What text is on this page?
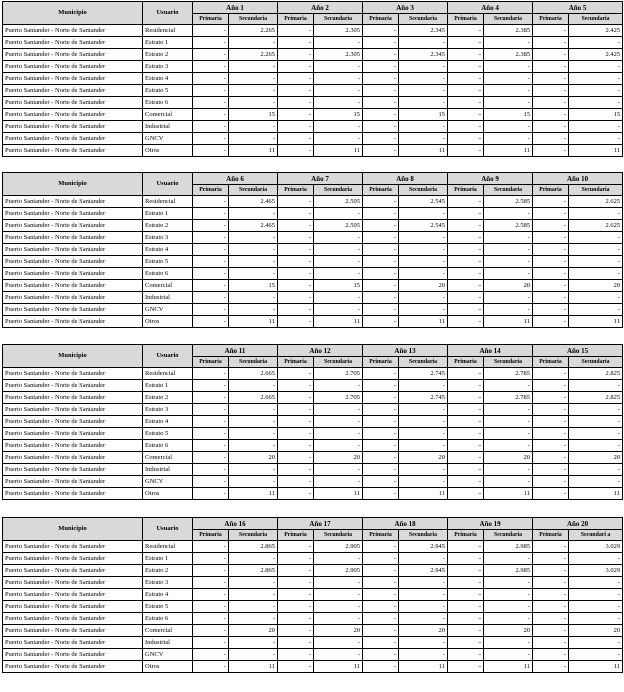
Municipio	Usuario	Año 1		Año 2		Año 3		Año 4		Año 5	
		Primaria	Secundaria	Primaria	Secundaria	Primaria	Secundaria	Primaria	Secundaria	Primaria	Secundaria
Puerto Santander - Norte de Santander	Residencial	-	2.265	-	2.305	-	2.345	-	2.385	-	2.425
Puerto Santander - Norte de Santander	Estrato 1	-	-	-	-	-	-	-	-	-	-
Puerto Santander - Norte de Santander	Estrato 2	-	2.265	-	2.305	-	2.345	-	2.385	-	2.425
Puerto Santander - Norte de Santander	Estrato 3	-	-	-	-	-	-	-	-	-	-
Puerto Santander - Norte de Santander	Estrato 4	-	-	-	-	-	-	-	-	-	-
Puerto Santander - Norte de Santander	Estrato 5	-	-	-	-	-	-	-	-	-	-
Puerto Santander - Norte de Santander	Estrato 6	-	-	-	-	-	-	-	-	-	-
Puerto Santander - Norte de Santander	Comercial	-	15	-	15	-	15	-	15	-	15
Puerto Santander - Norte de Santander	Industrial	-	-	-	-	-	-	-	-	-	-
Puerto Santander - Norte de Santander	GNCV	-	-	-	-	-	-	-	-	-	-
Puerto Santander - Norte de Santander	Otros	-	11	-	11	-	11	-	11	-	11
Municipio	Usuario	Año 6		Año 7		Año 8		Año 9		Año 10	
		Primaria	Secundaria	Primaria	Secundaria	Primaria	Secundaria	Primaria	Secundaria	Primaria	Secundaria
Puerto Santander - Norte de Santander	Residencial	-	2.465	-	2.505	-	2.545	-	2.585	-	2.625
Puerto Santander - Norte de Santander	Estrato 1	-	-	-	-	-	-	-	-	-	-
Puerto Santander - Norte de Santander	Estrato 2	-	2.465	-	2.505	-	2.545	-	2.585	-	2.625
Puerto Santander - Norte de Santander	Estrato 3	-	-	-	-	-	-	-	-	-	-
Puerto Santander - Norte de Santander	Estrato 4	-	-	-	-	-	-	-	-	-	-
Puerto Santander - Norte de Santander	Estrato 5	-	-	-	-	-	-	-	-	-	-
Puerto Santander - Norte de Santander	Estrato 6	-	-	-	-	-	-	-	-	-	-
Puerto Santander - Norte de Santander	Comercial	-	15	-	15	-	20	-	20	-	20
Puerto Santander - Norte de Santander	Industrial	-	-	-	-	-	-	-	-	-	-
Puerto Santander - Norte de Santander	GNCV	-	-	-	-	-	-	-	-	-	-
Puerto Santander - Norte de Santander	Otros	-	11	-	11	-	11	-	11	-	11
Municipio	Usuario	Año 11		Año 12		Año 13		Año 14		Año 15	
		Primaria	Secundaria	Primaria	Secundaria	Primaria	Secundaria	Primaria	Secundaria	Primaria	Secundaria
Puerto Santander - Norte de Santander	Residencial	-	2.665	-	2.705	-	2.745	-	2.785	-	2.825
Puerto Santander - Norte de Santander	Estrato 1	-	-	-	-	-	-	-	-	-	-
Puerto Santander - Norte de Santander	Estrato 2	-	2.665	-	2.705	-	2.745	-	2.785	-	2.825
Puerto Santander - Norte de Santander	Estrato 3	-	-	-	-	-	-	-	-	-	-
Puerto Santander - Norte de Santander	Estrato 4	-	-	-	-	-	-	-	-	-	-
Puerto Santander - Norte de Santander	Estrato 5	-	-	-	-	-	-	-	-	-	-
Puerto Santander - Norte de Santander	Estrato 6	-	-	-	-	-	-	-	-	-	-
Puerto Santander - Norte de Santander	Comercial	-	20	-	20	-	20	-	20	-	20
Puerto Santander - Norte de Santander	Industrial	-	-	-	-	-	-	-	-	-	-
Puerto Santander - Norte de Santander	GNCV	-	-	-	-	-	-	-	-	-	-
Puerto Santander - Norte de Santander	Otros	-	11	-	11	-	11	-	11	-	11
Municipio	Usuario	Año 16		Año 17		Año 18		Año 19		Año 20	
		Primaria	Secundaria	Primaria	Secundaria	Primaria	Secundaria	Primaria	Secundaria	Primaria	Secundari a
Puerto Santander - Norte de Santander	Residencial	-	2.865	-	2.905	-	2.945	-	2.985	-	3.029
Puerto Santander - Norte de Santander	Estrato 1	-	-	-	-	-	-	-	-	-	-
Puerto Santander - Norte de Santander	Estrato 2	-	2.865	-	2.905	-	2.945	-	2.985	-	3.029
Puerto Santander - Norte de Santander	Estrato 3	-	-	-	-	-	-	-	-	-	-
Puerto Santander - Norte de Santander	Estrato 4	-	-	-	-	-	-	-	-	-	-
Puerto Santander - Norte de Santander	Estrato 5	-	-	-	-	-	-	-	-	-	-
Puerto Santander - Norte de Santander	Estrato 6	-	-	-	-	-	-	-	-	-	-
Puerto Santander - Norte de Santander	Comercial	-	20	-	20	-	20	-	20	-	20
Puerto Santander - Norte de Santander	Industrial	-	-	-	-	-	-	-	-	-	-
Puerto Santander - Norte de Santander	GNCV	-	-	-	-	-	-	-	-	-	-
Puerto Santander - Norte de Santander	Otros	-	11	-	11	-	11	-	11	-	11
